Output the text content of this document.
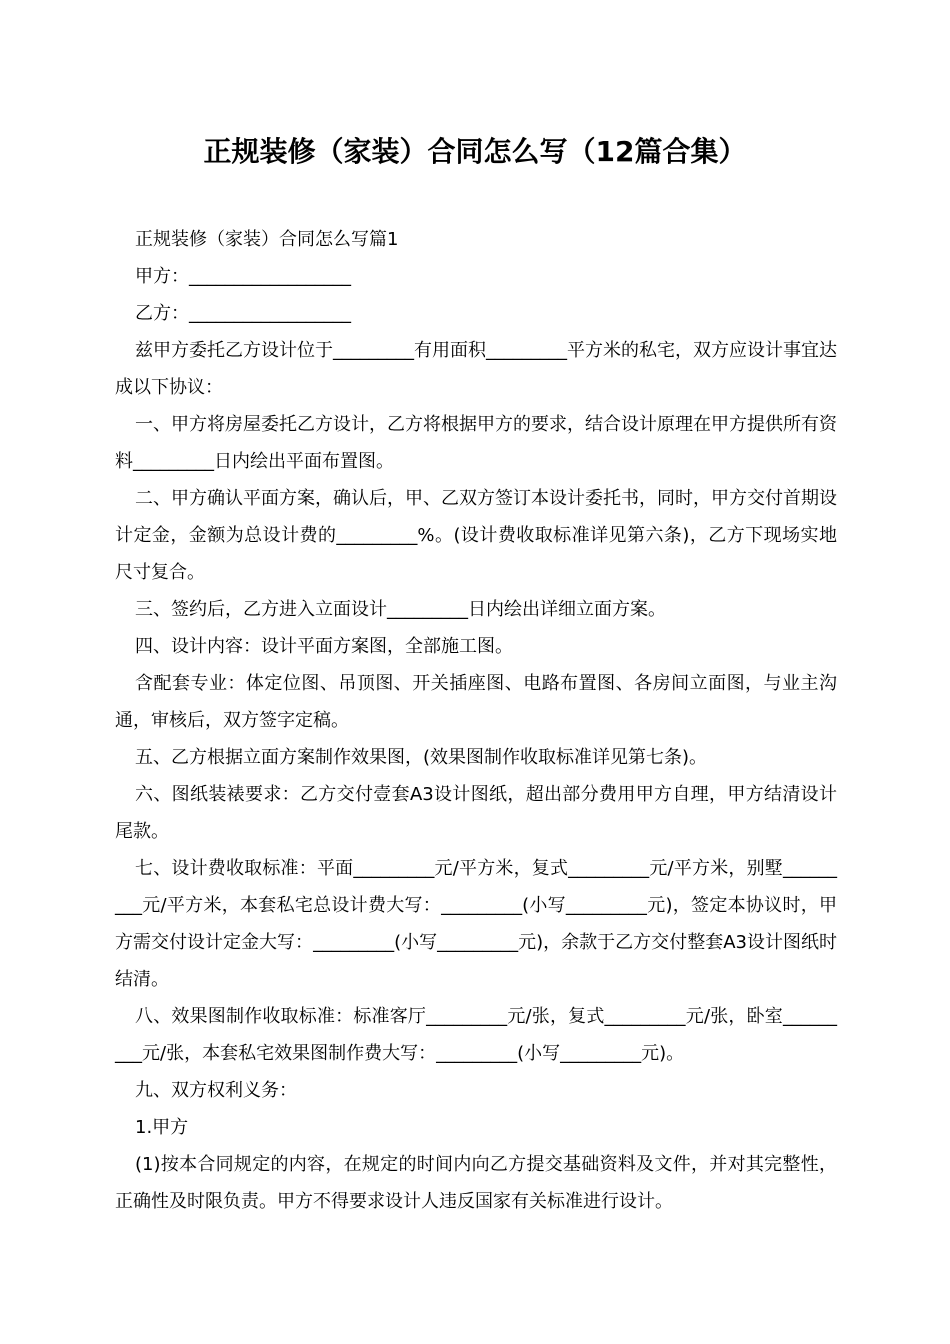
正规装修（家装）合同怎么写（12篇合集）

正规装修（家装）合同怎么写篇1

甲方：__________________

乙方：__________________

兹甲方委托乙方设计位于_________有用面积_________平方米的私宅，双方应设计事宜达成以下协议：

一、甲方将房屋委托乙方设计，乙方将根据甲方的要求，结合设计原理在甲方提供所有资料_________日内绘出平面布置图。

二、甲方确认平面方案，确认后，甲、乙双方签订本设计委托书，同时，甲方交付首期设计定金，金额为总设计费的_________%。(设计费收取标准详见第六条)，乙方下现场实地尺寸复合。

三、签约后，乙方进入立面设计_________日内绘出详细立面方案。

四、设计内容：设计平面方案图，全部施工图。

含配套专业：体定位图、吊顶图、开关插座图、电路布置图、各房间立面图，与业主沟通，审核后，双方签字定稿。

五、乙方根据立面方案制作效果图，(效果图制作收取标准详见第七条)。

六、图纸装裱要求：乙方交付壹套A3设计图纸，超出部分费用甲方自理，甲方结清设计尾款。

七、设计费收取标准：平面_________元/平方米，复式_________元/平方米，别墅_________元/平方米，本套私宅总设计费大写：_________(小写_________元)，签定本协议时，甲方需交付设计定金大写：_________(小写_________元)，余款于乙方交付整套A3设计图纸时结清。

八、效果图制作收取标准：标准客厅_________元/张，复式_________元/张，卧室_________元/张，本套私宅效果图制作费大写：_________(小写_________元)。

九、双方权利义务：

1.甲方

(1)按本合同规定的内容，在规定的时间内向乙方提交基础资料及文件，并对其完整性，正确性及时限负责。甲方不得要求设计人违反国家有关标准进行设计。
